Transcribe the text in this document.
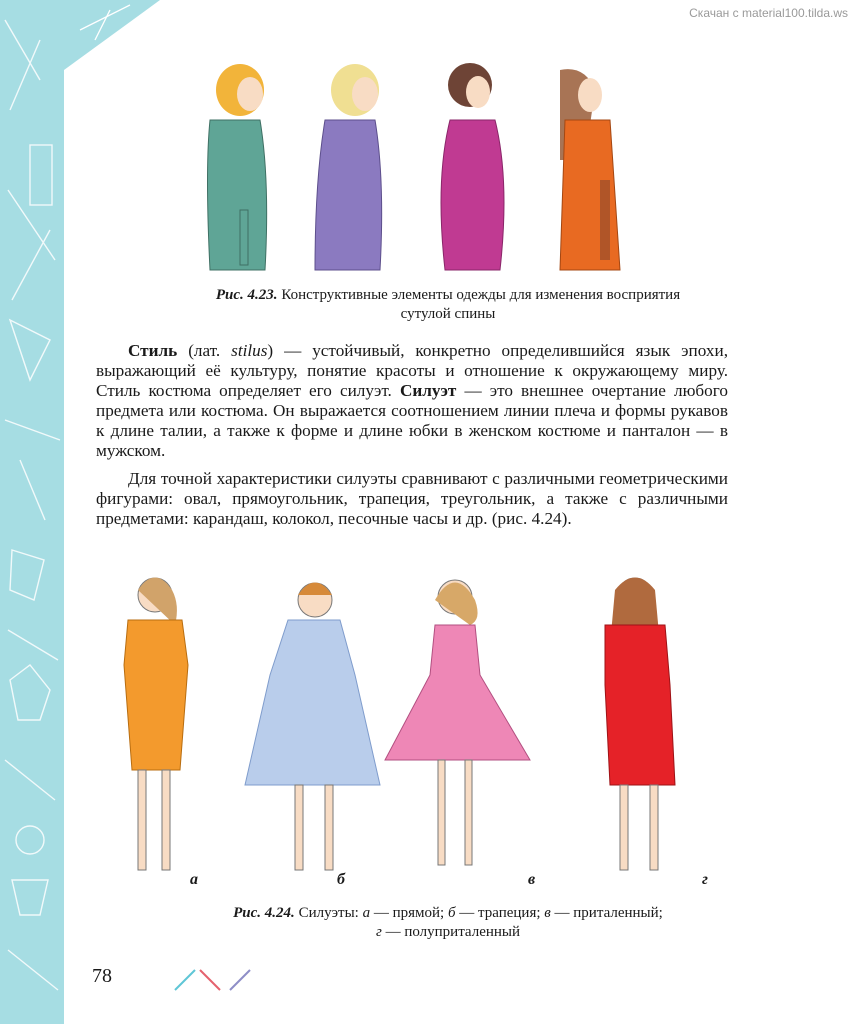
Скачан с material100.tilda.ws
Рис. 4.23. Конструктивные элементы одежды для изменения восприятия
сутулой спины
Стиль (лат. stilus) — устойчивый, конкретно определившийся язык эпохи, выражающий её культуру, понятие красоты и отношение к окружающему миру. Стиль костюма определяет его силуэт. Силуэт — это внешнее очертание любого предмета или костюма. Он выражается соотношением линии плеча и формы рукавов к длине талии, а также к форме и длине юбки в женском костюме и панталон — в мужском.
Для точной характеристики силуэты сравнивают с различными геометрическими фигурами: овал, прямоугольник, трапеция, треугольник, а также с различными предметами: карандаш, колокол, песочные часы и др. (рис. 4.24).
а	б	в	г
Рис. 4.24. Силуэты: а — прямой; б — трапеция; в — приталенный;
г — полуприталенный
78
